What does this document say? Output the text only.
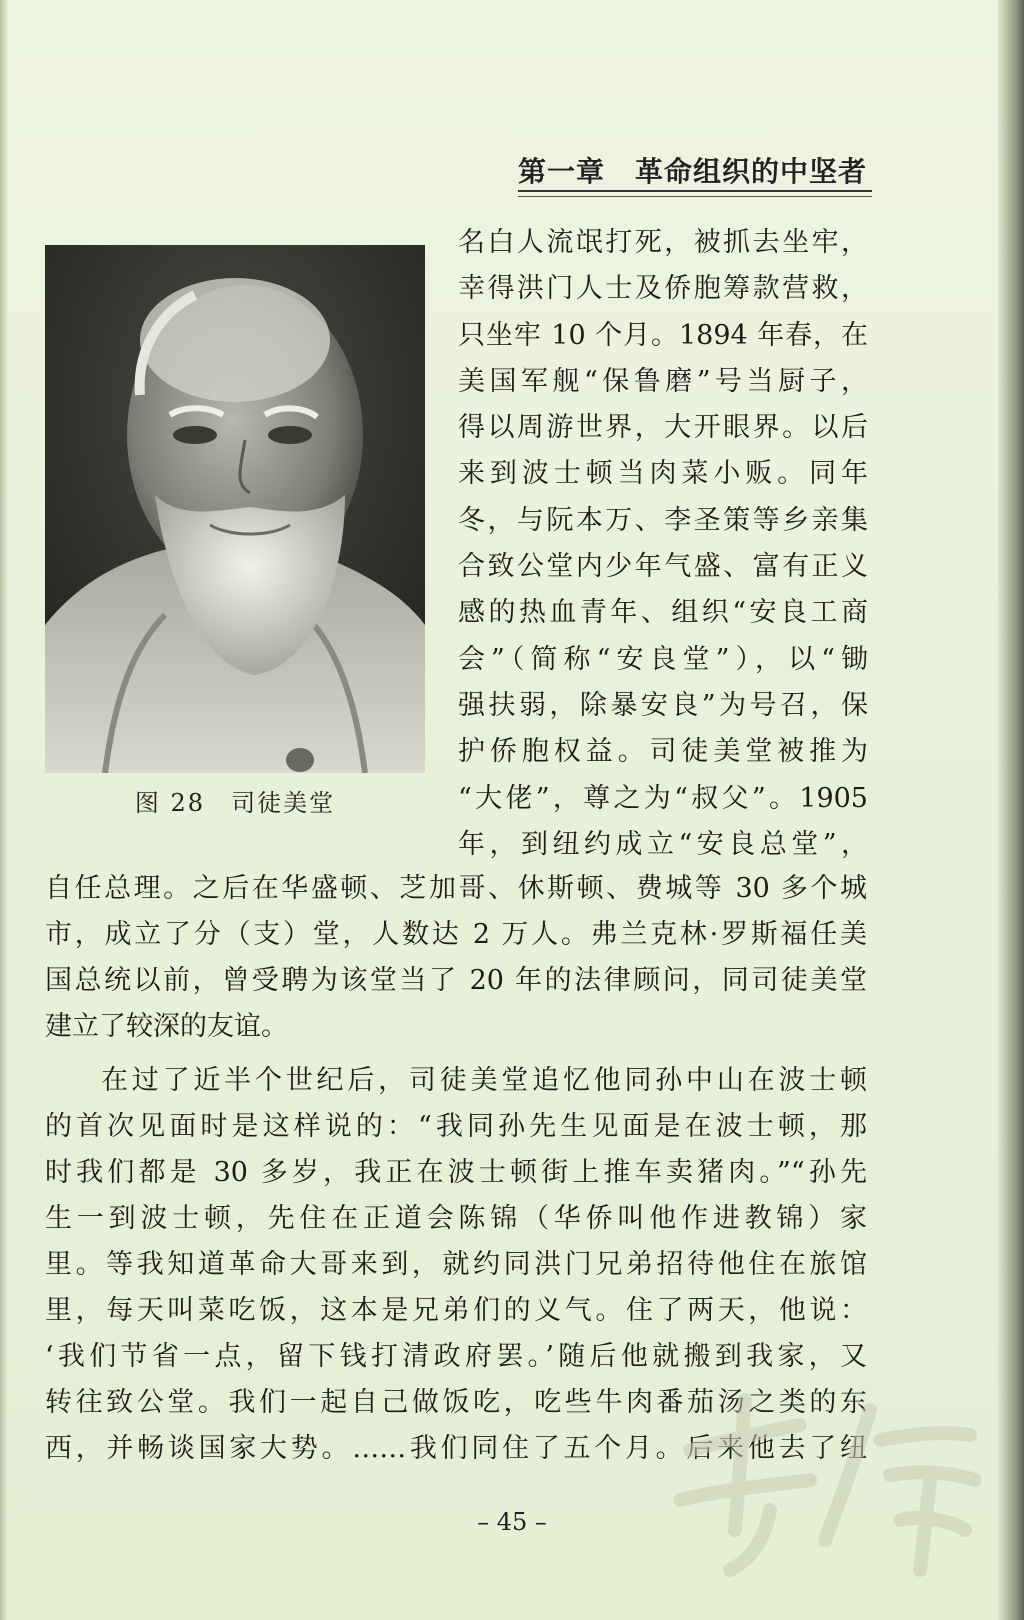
第一章 革命组织的中坚者
图 28 司徒美堂
名白人流氓打死，被抓去坐牢，
幸得洪门人士及侨胞筹款营救，
只坐牢 10 个月。1894 年春，在
美国军舰“保鲁磨”号当厨子，
得以周游世界，大开眼界。以后
来到波士顿当肉菜小贩。同年
冬，与阮本万、李圣策等乡亲集
合致公堂内少年气盛、富有正义
感的热血青年、组织“安良工商
会”（简称“安良堂”），以“锄
强扶弱，除暴安良”为号召，保
护侨胞权益。司徒美堂被推为
“大佬”，尊之为“叔父”。1905
年，到纽约成立“安良总堂”，
自任总理。之后在华盛顿、芝加哥、休斯顿、费城等 30 多个城
市，成立了分（支）堂，人数达 2 万人。弗兰克林·罗斯福任美
国总统以前，曾受聘为该堂当了 20 年的法律顾问，同司徒美堂
建立了较深的友谊。
在过了近半个世纪后，司徒美堂追忆他同孙中山在波士顿
的首次见面时是这样说的：“我同孙先生见面是在波士顿，那
时我们都是 30 多岁，我正在波士顿街上推车卖猪肉。”“孙先
生一到波士顿，先住在正道会陈锦（华侨叫他作进教锦）家
里。等我知道革命大哥来到，就约同洪门兄弟招待他住在旅馆
里，每天叫菜吃饭，这本是兄弟们的义气。住了两天，他说：
‘我们节省一点，留下钱打清政府罢。’随后他就搬到我家，又
转往致公堂。我们一起自己做饭吃，吃些牛肉番茄汤之类的东
西，并畅谈国家大势。……我们同住了五个月。后来他去了纽
– 45 –
